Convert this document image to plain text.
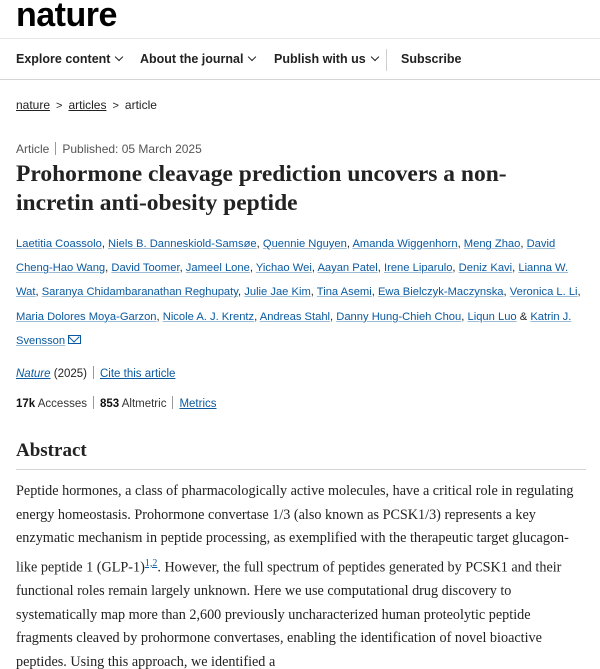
nature
Explore content	About the journal	Publish with us	Subscribe
nature > articles > article
Article Published: 05 March 2025
Prohormone cleavage prediction uncovers a non-incretin anti-obesity peptide
Laetitia Coassolo, Niels B. Danneskiold-Samsøe, Quennie Nguyen, Amanda Wiggenhorn, Meng Zhao, David Cheng-Hao Wang, David Toomer, Jameel Lone, Yichao Wei, Aayan Patel, Irene Liparulo, Deniz Kavi, Lianna W. Wat, Saranya Chidambaranathan Reghupaty, Julie Jae Kim, Tina Asemi, Ewa Bielczyk-Maczynska, Veronica L. Li, Maria Dolores Moya-Garzon, Nicole A. J. Krentz, Andreas Stahl, Danny Hung-Chieh Chou, Liqun Luo & Katrin J. Svensson
Nature (2025) Cite this article
17k Accesses 853 Altmetric Metrics
Abstract

Peptide hormones, a class of pharmacologically active molecules, have a critical role in regulating energy homeostasis. Prohormone convertase 1/3 (also known as PCSK1/3) represents a key enzymatic mechanism in peptide processing, as exemplified with the therapeutic target glucagon-like peptide 1 $(GLP-1)^{1,2}$. However, the full spectrum of peptides generated by PCSK1 and their functional roles remain largely unknown. Here we use computational drug discovery to systematically map more than 2,600 previously uncharacterized human proteolytic peptide fragments cleaved by prohormone convertases, enabling the identification of novel bioactive peptides. Using this approach, we identified a
